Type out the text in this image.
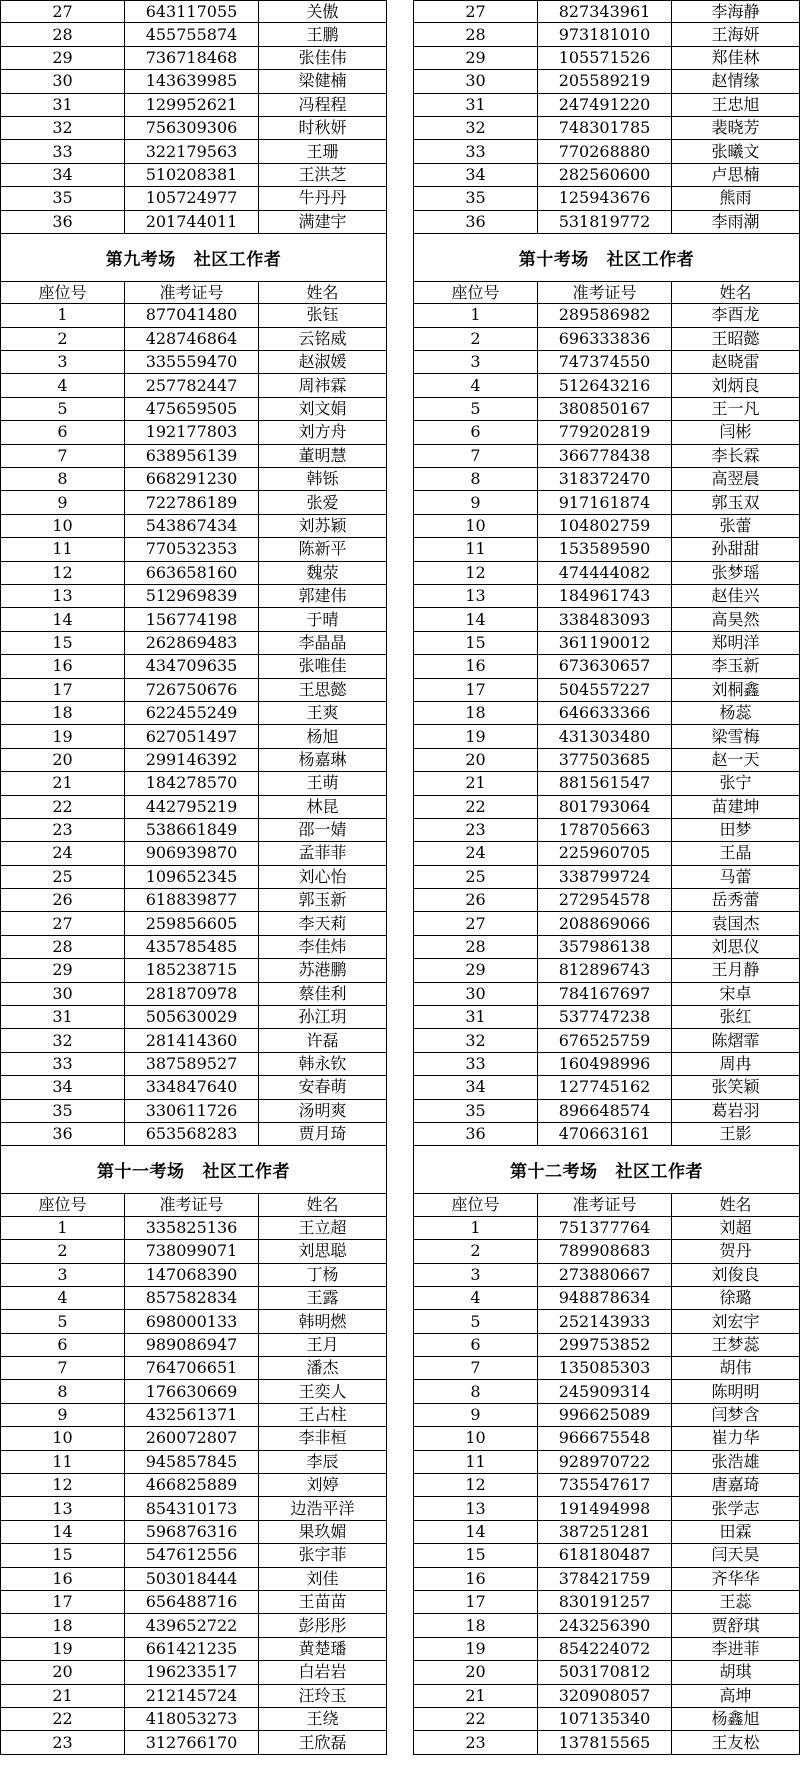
27	643117055	关傲
28	455755874	王鹏
29	736718468	张佳伟
30	143639985	梁健楠
31	129952621	冯程程
32	756309306	时秋妍
33	322179563	王珊
34	510208381	王洪芝
35	105724977	牛丹丹
36	201744011	满建宇
第九考场 社区工作者
座位号	准考证号	姓名
1	877041480	张钰
2	428746864	云铭威
3	335559470	赵淑媛
4	257782447	周祎霖
5	475659505	刘文娟
6	192177803	刘方舟
7	638956139	董明慧
8	668291230	韩铄
9	722786189	张爱
10	543867434	刘苏颖
11	770532353	陈新平
12	663658160	魏荥
13	512969839	郭建伟
14	156774198	于晴
15	262869483	李晶晶
16	434709635	张唯佳
17	726750676	王思懿
18	622455249	王爽
19	627051497	杨旭
20	299146392	杨嘉琳
21	184278570	王萌
22	442795219	林昆
23	538661849	邵一婧
24	906939870	孟菲菲
25	109652345	刘心怡
26	618839877	郭玉新
27	259856605	李天莉
28	435785485	李佳炜
29	185238715	苏港鹏
30	281870978	蔡佳利
31	505630029	孙江玥
32	281414360	许磊
33	387589527	韩永钦
34	334847640	安春萌
35	330611726	汤明爽
36	653568283	贾月琦
第十一考场 社区工作者
座位号	准考证号	姓名
1	335825136	王立超
2	738099071	刘思聪
3	147068390	丁杨
4	857582834	王露
5	698000133	韩明燃
6	989086947	王月
7	764706651	潘杰
8	176630669	王奕人
9	432561371	王占柱
10	260072807	李非桓
11	945857845	李辰
12	466825889	刘婷
13	854310173	边浩平洋
14	596876316	果玖媚
15	547612556	张宇菲
16	503018444	刘佳
17	656488716	王苗苗
18	439652722	彭彤彤
19	661421235	黄楚璠
20	196233517	白岩岩
21	212145724	汪玲玉
22	418053273	王绕
23	312766170	王欣磊
27	827343961	李海静
28	973181010	王海妍
29	105571526	郑佳林
30	205589219	赵情缘
31	247491220	王忠旭
32	748301785	裴晓芳
33	770268880	张曦文
34	282560600	卢思楠
35	125943676	熊雨
36	531819772	李雨潮
第十考场 社区工作者
座位号	准考证号	姓名
1	289586982	李酉龙
2	696333836	王昭懿
3	747374550	赵晓雷
4	512643216	刘炳良
5	380850167	王一凡
6	779202819	闫彬
7	366778438	李长霖
8	318372470	高翌晨
9	917161874	郭玉双
10	104802759	张蕾
11	153589590	孙甜甜
12	474444082	张梦瑶
13	184961743	赵佳兴
14	338483093	高昊然
15	361190012	郑明洋
16	673630657	李玉新
17	504557227	刘桐鑫
18	646633366	杨蕊
19	431303480	梁雪梅
20	377503685	赵一天
21	881561547	张宁
22	801793064	苗建坤
23	178705663	田梦
24	225960705	王晶
25	338799724	马蕾
26	272954578	岳秀蕾
27	208869066	袁国杰
28	357986138	刘思仪
29	812896743	王月静
30	784167697	宋卓
31	537747238	张红
32	676525759	陈熠霏
33	160498996	周冉
34	127745162	张笑颖
35	896648574	葛岩羽
36	470663161	王影
第十二考场 社区工作者
座位号	准考证号	姓名
1	751377764	刘超
2	789908683	贺丹
3	273880667	刘俊良
4	948878634	徐璐
5	252143933	刘宏宇
6	299753852	王梦蕊
7	135085303	胡伟
8	245909314	陈明明
9	996625089	闫梦含
10	966675548	崔力华
11	928970722	张浩雄
12	735547617	唐嘉琦
13	191494998	张学志
14	387251281	田霖
15	618180487	闫天昊
16	378421759	齐华华
17	830191257	王蕊
18	243256390	贾舒琪
19	854224072	李进菲
20	503170812	胡琪
21	320908057	高坤
22	107135340	杨鑫旭
23	137815565	王友松
